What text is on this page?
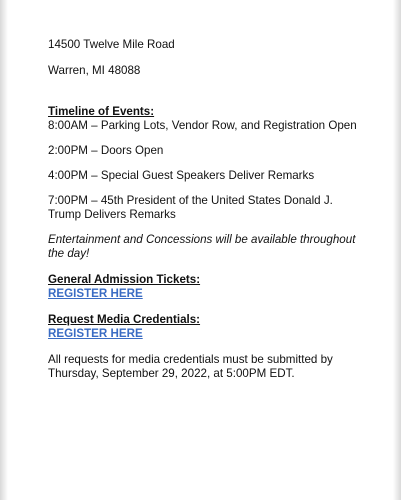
14500 Twelve Mile Road

Warren, MI 48088

Timeline of Events:

8:00AM – Parking Lots, Vendor Row, and Registration Open

2:00PM – Doors Open

4:00PM – Special Guest Speakers Deliver Remarks

7:00PM – 45th President of the United States Donald J. Trump Delivers Remarks

Entertainment and Concessions will be available throughout the day!

General Admission Tickets:

REGISTER HERE

Request Media Credentials:

REGISTER HERE

All requests for media credentials must be submitted by Thursday, September 29, 2022, at 5:00PM EDT.
